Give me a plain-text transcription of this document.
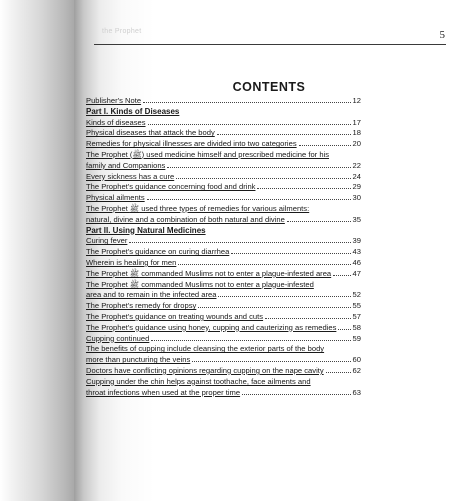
the Prophet	5
CONTENTS
Publisher's Note	12
Part I. Kinds of Diseases
Kinds of diseases	17
Physical diseases that attack the body	18
Remedies for physical illnesses are divided into two categories	20
The Prophet (ﷺ) used medicine himself and prescribed medicine for his
family and Companions	22
Every sickness has a cure	24
The Prophet's guidance concerning food and drink	29
Physical ailments	30
The Prophet ﷺ used three types of remedies for various ailments:
natural, divine and a combination of both natural and divine	35
Part II. Using Natural Medicines
Curing fever	39
The Prophet's guidance on curing diarrhea	43
Wherein is healing for men	46
The Prophet ﷺ commanded Muslims not to enter a plague-infested area	47
The Prophet ﷺ commanded Muslims not to enter a plague-infested
area and to remain in the infected area	52
The Prophet's remedy for dropsy	55
The Prophet's guidance on treating wounds and cuts	57
The Prophet's guidance using honey, cupping and cauterizing as remedies 58
Cupping continued	59
The benefits of cupping include cleansing the exterior parts of the body
more than puncturing the veins	60
Doctors have conflicting opinions regarding cupping on the nape cavity	62
Cupping under the chin helps against toothache, face ailments and
throat infections when used at the proper time	63
